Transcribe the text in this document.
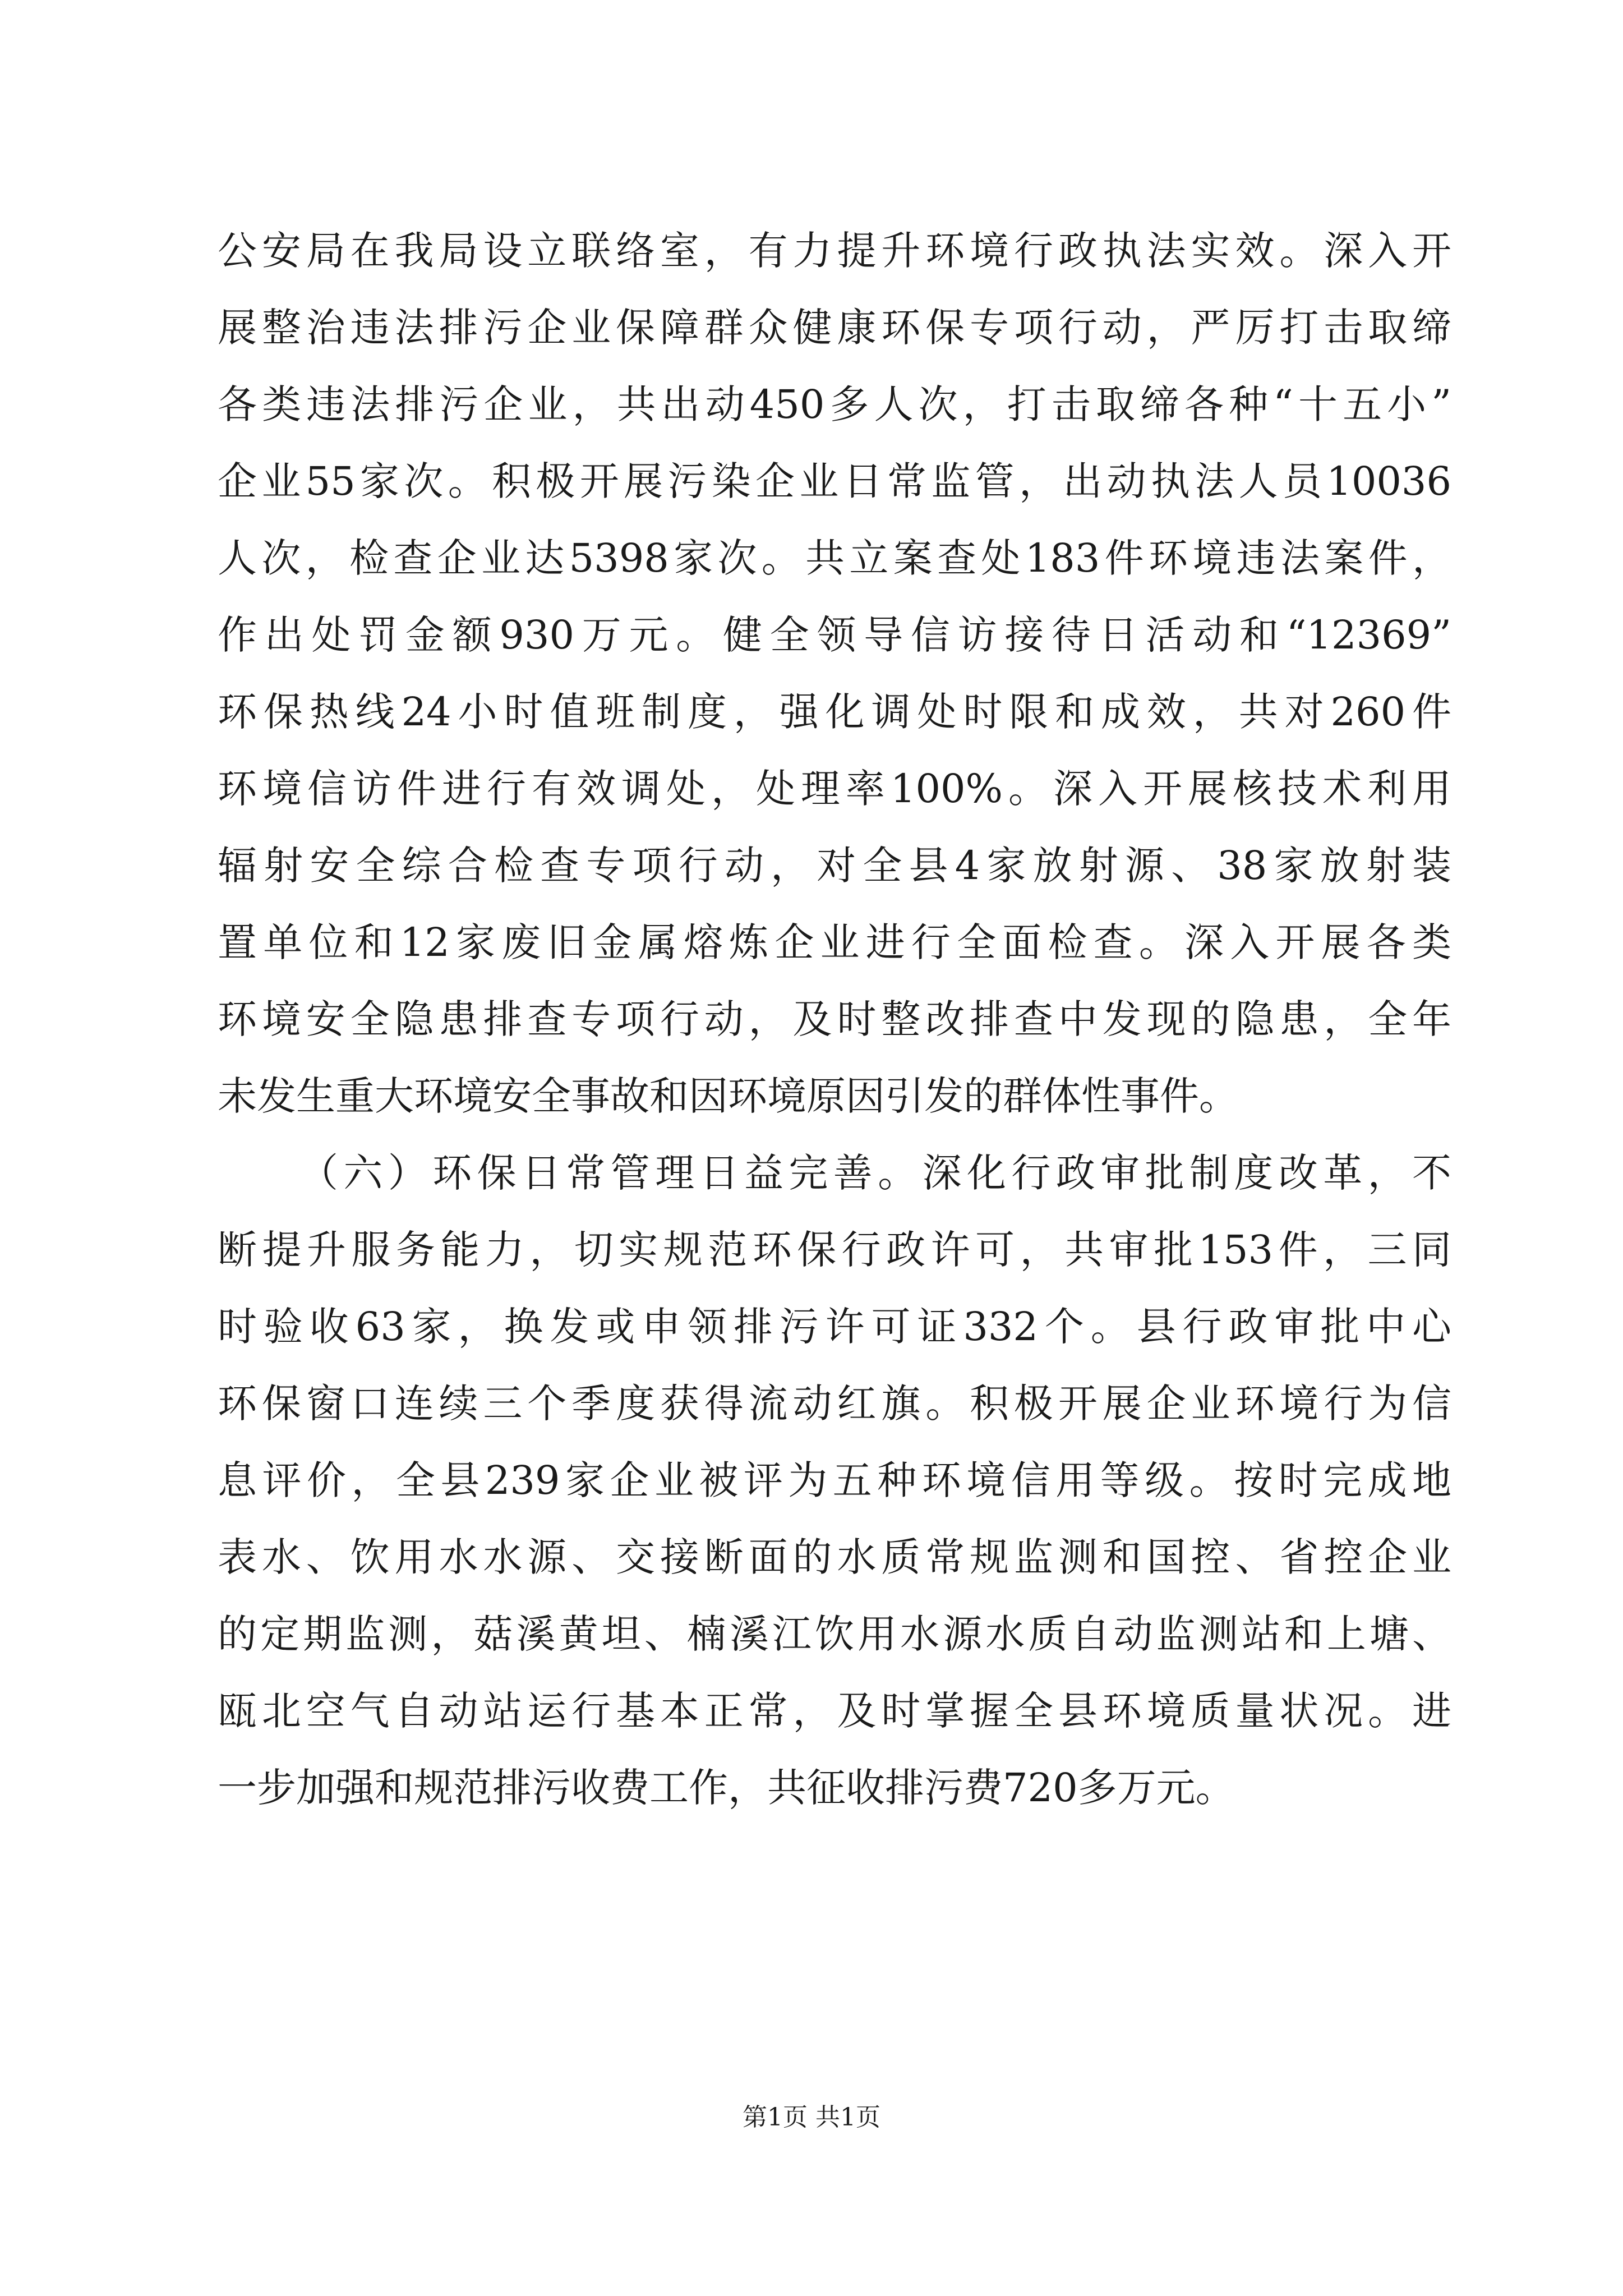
公安局在我局设立联络室，有力提升环境行政执法实效。深入开
展整治违法排污企业保障群众健康环保专项行动，严厉打击取缔
各类违法排污企业，共出动450多人次，打击取缔各种“十五小”
企业55家次。积极开展污染企业日常监管，出动执法人员10036
人次，检查企业达5398家次。共立案查处183件环境违法案件，
作出处罚金额930万元。健全领导信访接待日活动和“12369”
环保热线24小时值班制度，强化调处时限和成效，共对260件
环境信访件进行有效调处，处理率100%。深入开展核技术利用
辐射安全综合检查专项行动，对全县4家放射源、38家放射装
置单位和12家废旧金属熔炼企业进行全面检查。深入开展各类
环境安全隐患排查专项行动，及时整改排查中发现的隐患，全年
未发生重大环境安全事故和因环境原因引发的群体性事件。
（六）环保日常管理日益完善。深化行政审批制度改革，不
断提升服务能力，切实规范环保行政许可，共审批153件，三同
时验收63家，换发或申领排污许可证332个。县行政审批中心
环保窗口连续三个季度获得流动红旗。积极开展企业环境行为信
息评价，全县239家企业被评为五种环境信用等级。按时完成地
表水、饮用水水源、交接断面的水质常规监测和国控、省控企业
的定期监测，菇溪黄坦、楠溪江饮用水源水质自动监测站和上塘、
瓯北空气自动站运行基本正常，及时掌握全县环境质量状况。进
一步加强和规范排污收费工作，共征收排污费720多万元。
第1页 共1页
